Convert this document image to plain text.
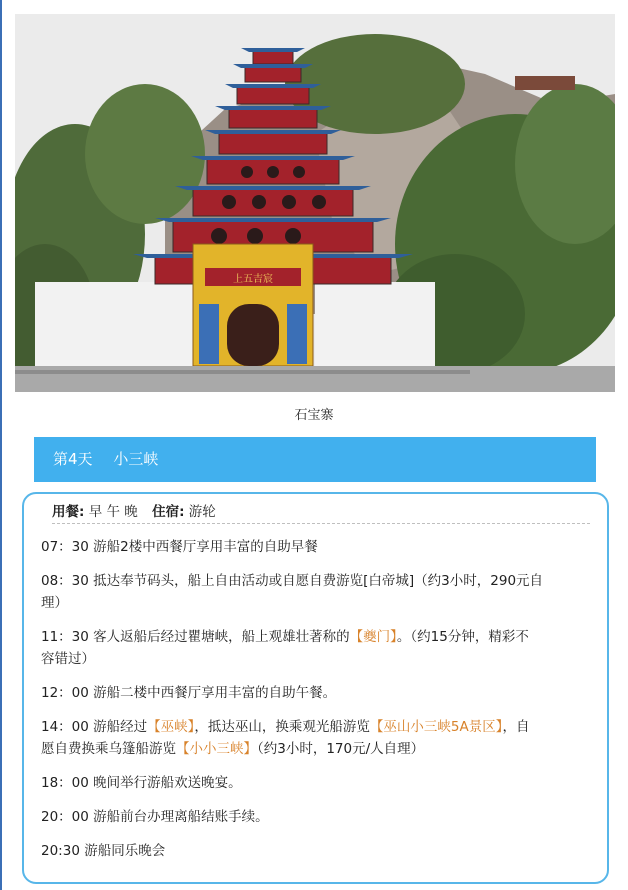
上五吉宸
石宝寨
第4天 小三峡
用餐: 早 午 晚 住宿: 游轮

07：30 游船2楼中西餐厅享用丰富的自助早餐

08：30 抵达奉节码头，船上自由活动或自愿自费游览[白帝城]（约3小时，290元自
理）

11：30 客人返船后经过瞿塘峡，船上观雄壮著称的【夔门】。（约15分钟，精彩不
容错过）

12：00 游船二楼中西餐厅享用丰富的自助午餐。

14：00 游船经过【巫峡】，抵达巫山，换乘观光船游览【巫山小三峡5A景区】，自
愿自费换乘乌篷船游览【小小三峡】（约3小时，170元/人自理）

18：00 晚间举行游船欢送晚宴。

20：00 游船前台办理离船结账手续。

20:30 游船同乐晚会
